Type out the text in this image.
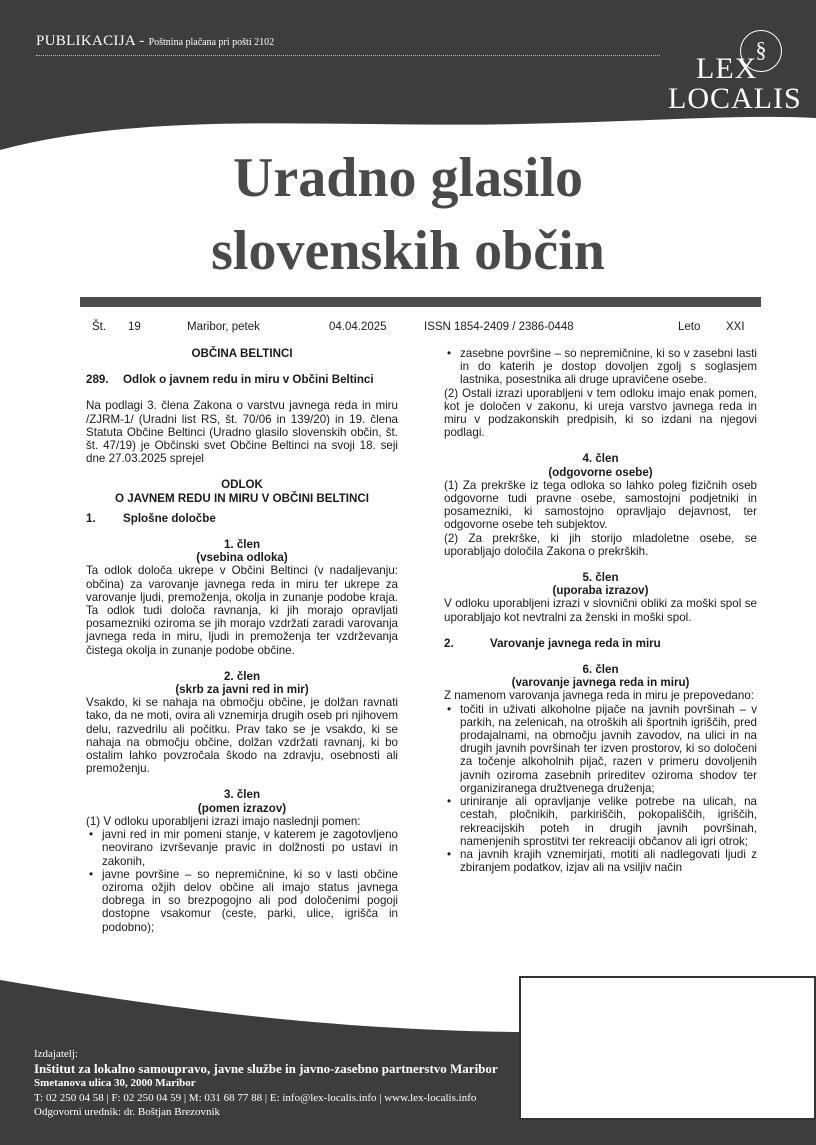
PUBLIKACIJA - Poštnina plačana pri pošti 2102	§
LEX
LOCALIS
Uradno glasilo
slovenskih občin
Št. 19	Maribor, petek	04.04.2025	ISSN 1854-2409 / 2386-0448	Leto XXI
OBČINA BELTINCI
289.	Odlok o javnem redu in miru v Občini Beltinci

Na podlagi 3. člena Zakona o varstvu javnega reda in miru /ZJRM-1/ (Uradni list RS, št. 70/06 in 139/20) in 19. člena Statuta Občine Beltinci (Uradno glasilo slovenskih občin, št. št. 47/19) je Občinski svet Občine Beltinci na svoji 18. seji dne 27.03.2025 sprejel

ODLOK
O JAVNEM REDU IN MIRU V OBČINI BELTINCI
1.	Splošne določbe
1. člen
(vsebina odloka)

Ta odlok določa ukrepe v Občini Beltinci (v nadaljevanju: občina) za varovanje javnega reda in miru ter ukrepe za varovanje ljudi, premoženja, okolja in zunanje podobe kraja. Ta odlok tudi določa ravnanja, ki jih morajo opravljati posamezniki oziroma se jih morajo vzdržati zaradi varovanja javnega reda in miru, ljudi in premoženja ter vzdrževanja čistega okolja in zunanje podobe občine.

2. člen
(skrb za javni red in mir)

Vsakdo, ki se nahaja na območju občine, je dolžan ravnati tako, da ne moti, ovira ali vznemirja drugih oseb pri njihovem delu, razvedrilu ali počitku. Prav tako se je vsakdo, ki se nahaja na območju občine, dolžan vzdržati ravnanj, ki bo ostalim lahko povzročala škodo na zdravju, osebnosti ali premoženju.

3. člen
(pomen izrazov)

(1) V odloku uporabljeni izrazi imajo naslednji pomen:

• javni red in mir pomeni stanje, v katerem je zagotovljeno neovirano izvrševanje pravic in dolžnosti po ustavi in zakonih,
• javne površine – so nepremičnine, ki so v lasti občine oziroma ožjih delov občine ali imajo status javnega dobrega in so brezpogojno ali pod določenimi pogoji dostopne vsakomur (ceste, parki, ulice, igrišča in podobno);
• zasebne površine – so nepremičnine, ki so v zasebni lasti in do katerih je dostop dovoljen zgolj s soglasjem lastnika, posestnika ali druge upravičene osebe.

(2) Ostali izrazi uporabljeni v tem odloku imajo enak pomen, kot je določen v zakonu, ki ureja varstvo javnega reda in miru v podzakonskih predpisih, ki so izdani na njegovi podlagi.

4. člen
(odgovorne osebe)

(1) Za prekrške iz tega odloka so lahko poleg fizičnih oseb odgovorne tudi pravne osebe, samostojni podjetniki in posamezniki, ki samostojno opravljajo dejavnost, ter odgovorne osebe teh subjektov.

(2) Za prekrške, ki jih storijo mladoletne osebe, se uporabljajo določila Zakona o prekrških.

5. člen
(uporaba izrazov)

V odloku uporabljeni izrazi v slovnični obliki za moški spol se uporabljajo kot nevtralni za ženski in moški spol.

2.	Varovanje javnega reda in miru
6. člen
(varovanje javnega reda in miru)

Z namenom varovanja javnega reda in miru je prepovedano:

• točiti in uživati alkoholne pijače na javnih površinah – v parkih, na zelenicah, na otroških ali športnih igriščih, pred prodajalnami, na območju javnih zavodov, na ulici in na drugih javnih površinah ter izven prostorov, ki so določeni za točenje alkoholnih pijač, razen v primeru dovoljenih javnih oziroma zasebnih prireditev oziroma shodov ter organiziranega družtvenega druženja;
• uriniranje ali opravljanje velike potrebe na ulicah, na cestah, pločnikih, parkiriščih, pokopališčih, igriščih, rekreacijskih poteh in drugih javnih površinah, namenjenih sprostitvi ter rekreaciji občanov ali igri otrok;
• na javnih krajih vznemirjati, motiti ali nadlegovati ljudi z zbiranjem podatkov, izjav ali na vsiljiv način
Izdajatelj:
Inštitut za lokalno samoupravo, javne službe in javno-zasebno partnerstvo Maribor
Smetanova ulica 30, 2000 Maribor
T: 02 250 04 58 | F: 02 250 04 59 | M: 031 68 77 88 | E: info@lex-localis.info | www.lex-localis.info
Odgovorni urednik: dr. Boštjan Brezovnik
